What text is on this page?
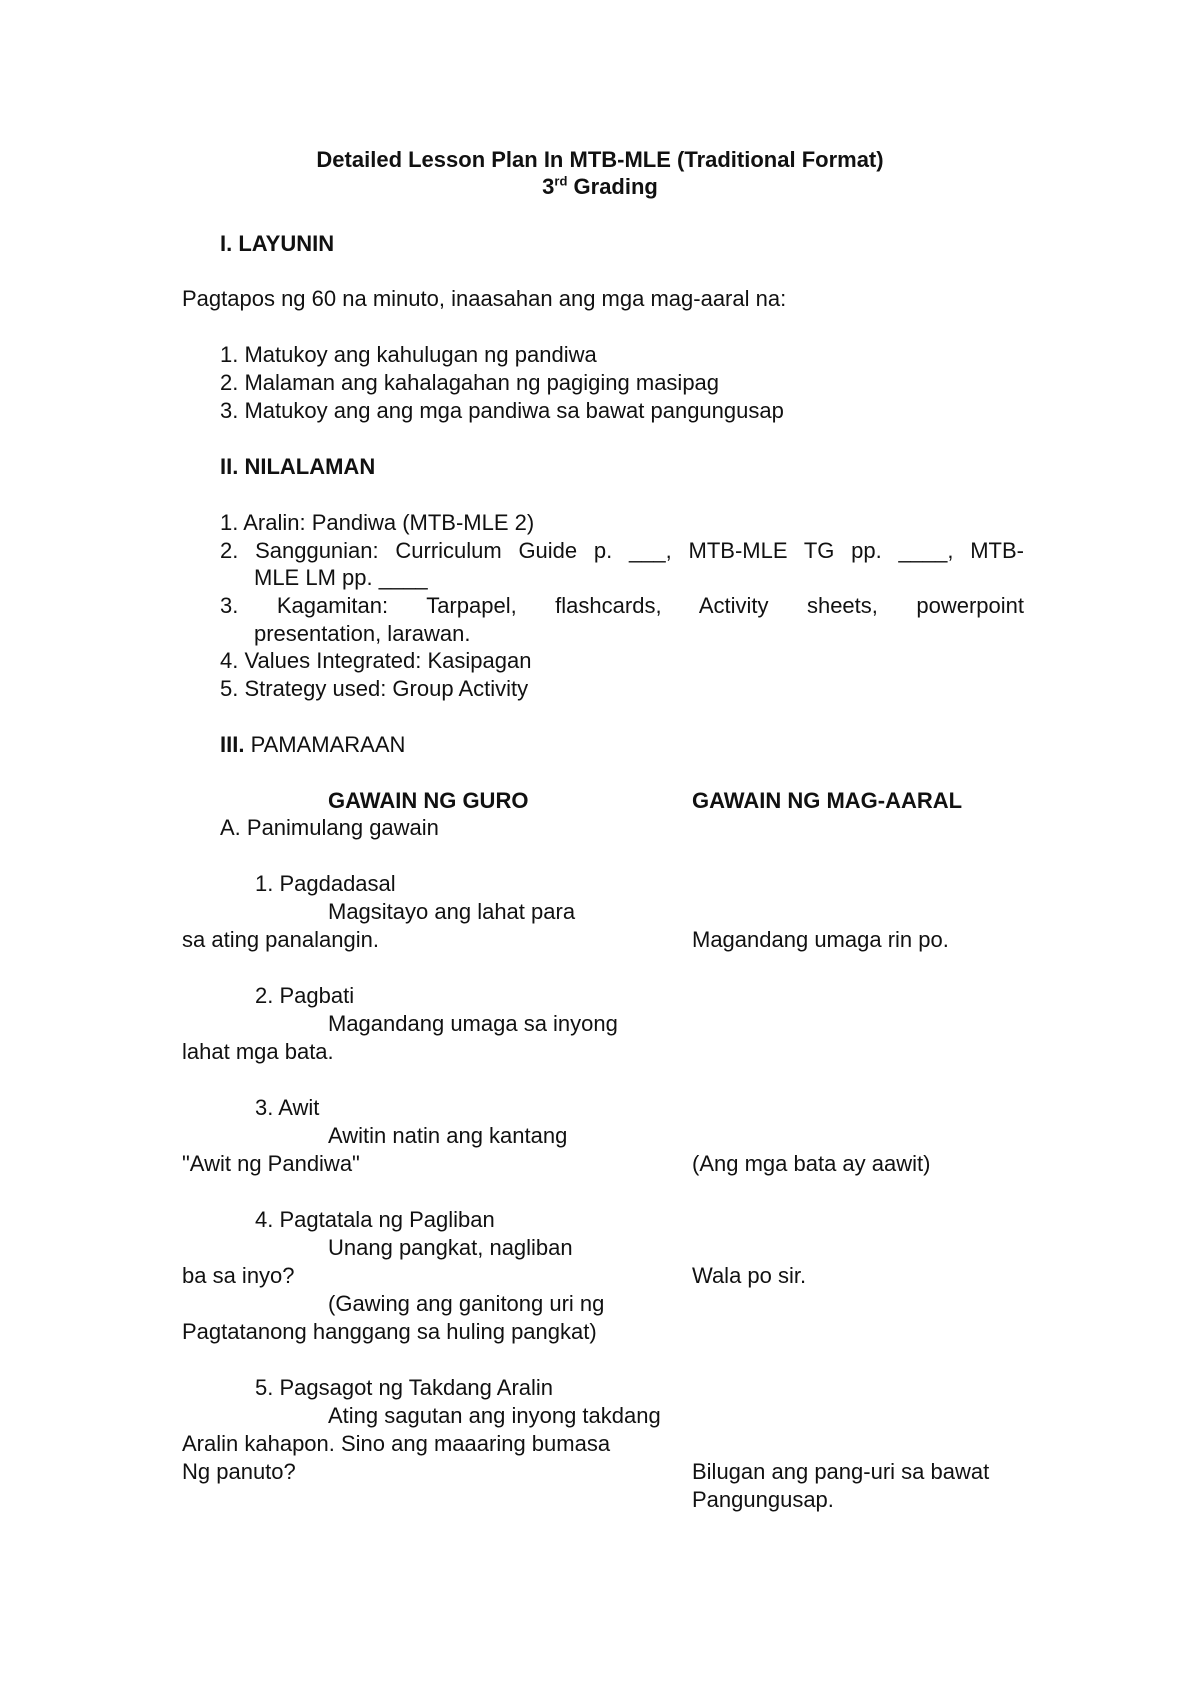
Detailed Lesson Plan In MTB-MLE (Traditional Format)
3rd Grading
I. LAYUNIN
Pagtapos ng 60 na minuto, inaasahan ang mga mag-aaral na:
1. Matukoy ang kahulugan ng pandiwa
2. Malaman ang kahalagahan ng pagiging masipag
3. Matukoy ang ang mga pandiwa sa bawat pangungusap
II. NILALAMAN
1. Aralin: Pandiwa (MTB-MLE 2)
2. Sanggunian: Curriculum Guide p. ___, MTB-MLE TG pp. ____, MTB-
MLE LM pp. ____
3. Kagamitan: Tarpapel, flashcards, Activity sheets, powerpoint
presentation, larawan.
4. Values Integrated: Kasipagan
5. Strategy used: Group Activity
III. PAMAMARAAN
GAWAIN NG GURO	GAWAIN NG MAG-AARAL
A. Panimulang gawain
1. Pagdadasal
Magsitayo ang lahat para
sa ating panalangin.	Magandang umaga rin po.
2. Pagbati
Magandang umaga sa inyong
lahat mga bata.
3. Awit
Awitin natin ang kantang
"Awit ng Pandiwa"	(Ang mga bata ay aawit)
4. Pagtatala ng Pagliban
Unang pangkat, nagliban
ba sa inyo?	Wala po sir.
(Gawing ang ganitong uri ng
Pagtatanong hanggang sa huling pangkat)
5. Pagsagot ng Takdang Aralin
Ating sagutan ang inyong takdang
Aralin kahapon. Sino ang maaaring bumasa
Ng panuto?	Bilugan ang pang-uri sa bawat
Pangungusap.
